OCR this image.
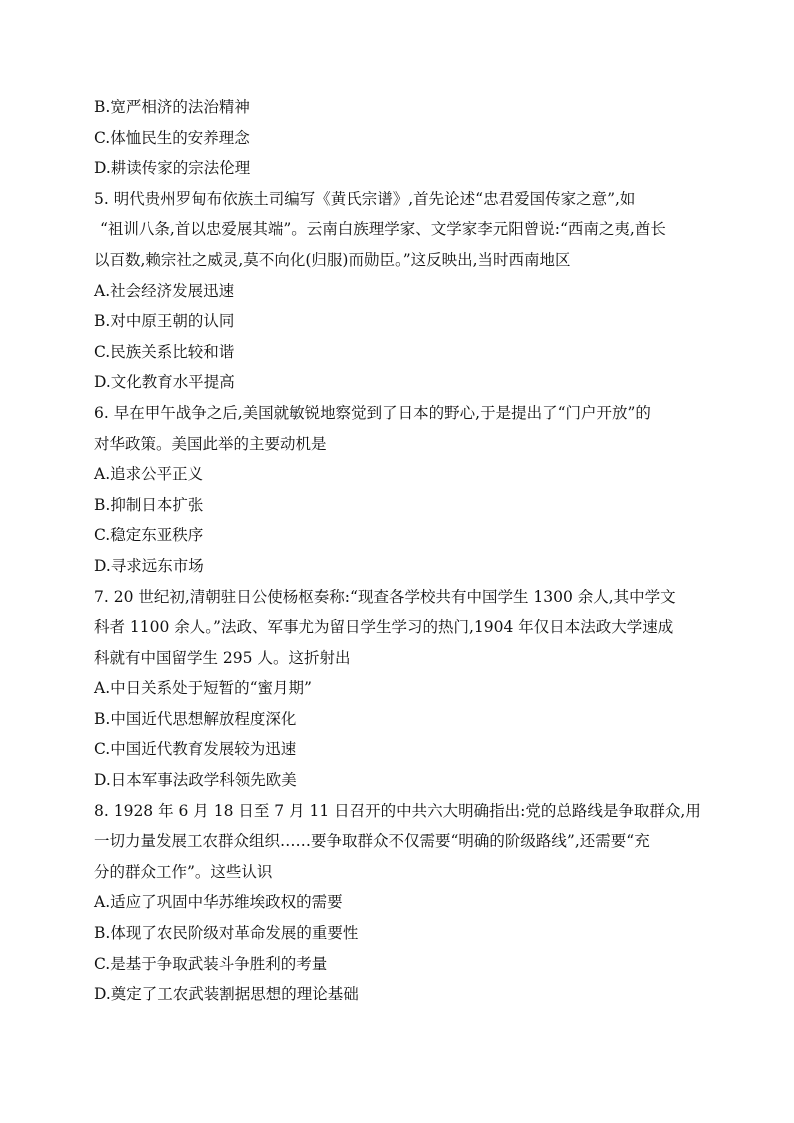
B.宽严相济的法治精神
C.体恤民生的安养理念
D.耕读传家的宗法伦理
5. 明代贵州罗甸布依族土司编写《黄氏宗谱》,首先论述“忠君爱国传家之意”,如
“祖训八条,首以忠爱展其端”。云南白族理学家、文学家李元阳曾说:“西南之夷,酋长
以百数,赖宗社之威灵,莫不向化(归服)而勋臣。”这反映出,当时西南地区
A.社会经济发展迅速
B.对中原王朝的认同
C.民族关系比较和谐
D.文化教育水平提高
6. 早在甲午战争之后,美国就敏锐地察觉到了日本的野心,于是提出了“门户开放”的
对华政策。美国此举的主要动机是
A.追求公平正义
B.抑制日本扩张
C.稳定东亚秩序
D.寻求远东市场
7. 20 世纪初,清朝驻日公使杨枢奏称:“现查各学校共有中国学生 1300 余人,其中学文
科者 1100 余人。”法政、军事尤为留日学生学习的热门,1904 年仅日本法政大学速成
科就有中国留学生 295 人。这折射出
A.中日关系处于短暂的“蜜月期”
B.中国近代思想解放程度深化
C.中国近代教育发展较为迅速
D.日本军事法政学科领先欧美
8. 1928 年 6 月 18 日至 7 月 11 日召开的中共六大明确指出:党的总路线是争取群众,用
一切力量发展工农群众组织……要争取群众不仅需要“明确的阶级路线”,还需要“充
分的群众工作”。这些认识
A.适应了巩固中华苏维埃政权的需要
B.体现了农民阶级对革命发展的重要性
C.是基于争取武装斗争胜利的考量
D.奠定了工农武装割据思想的理论基础
